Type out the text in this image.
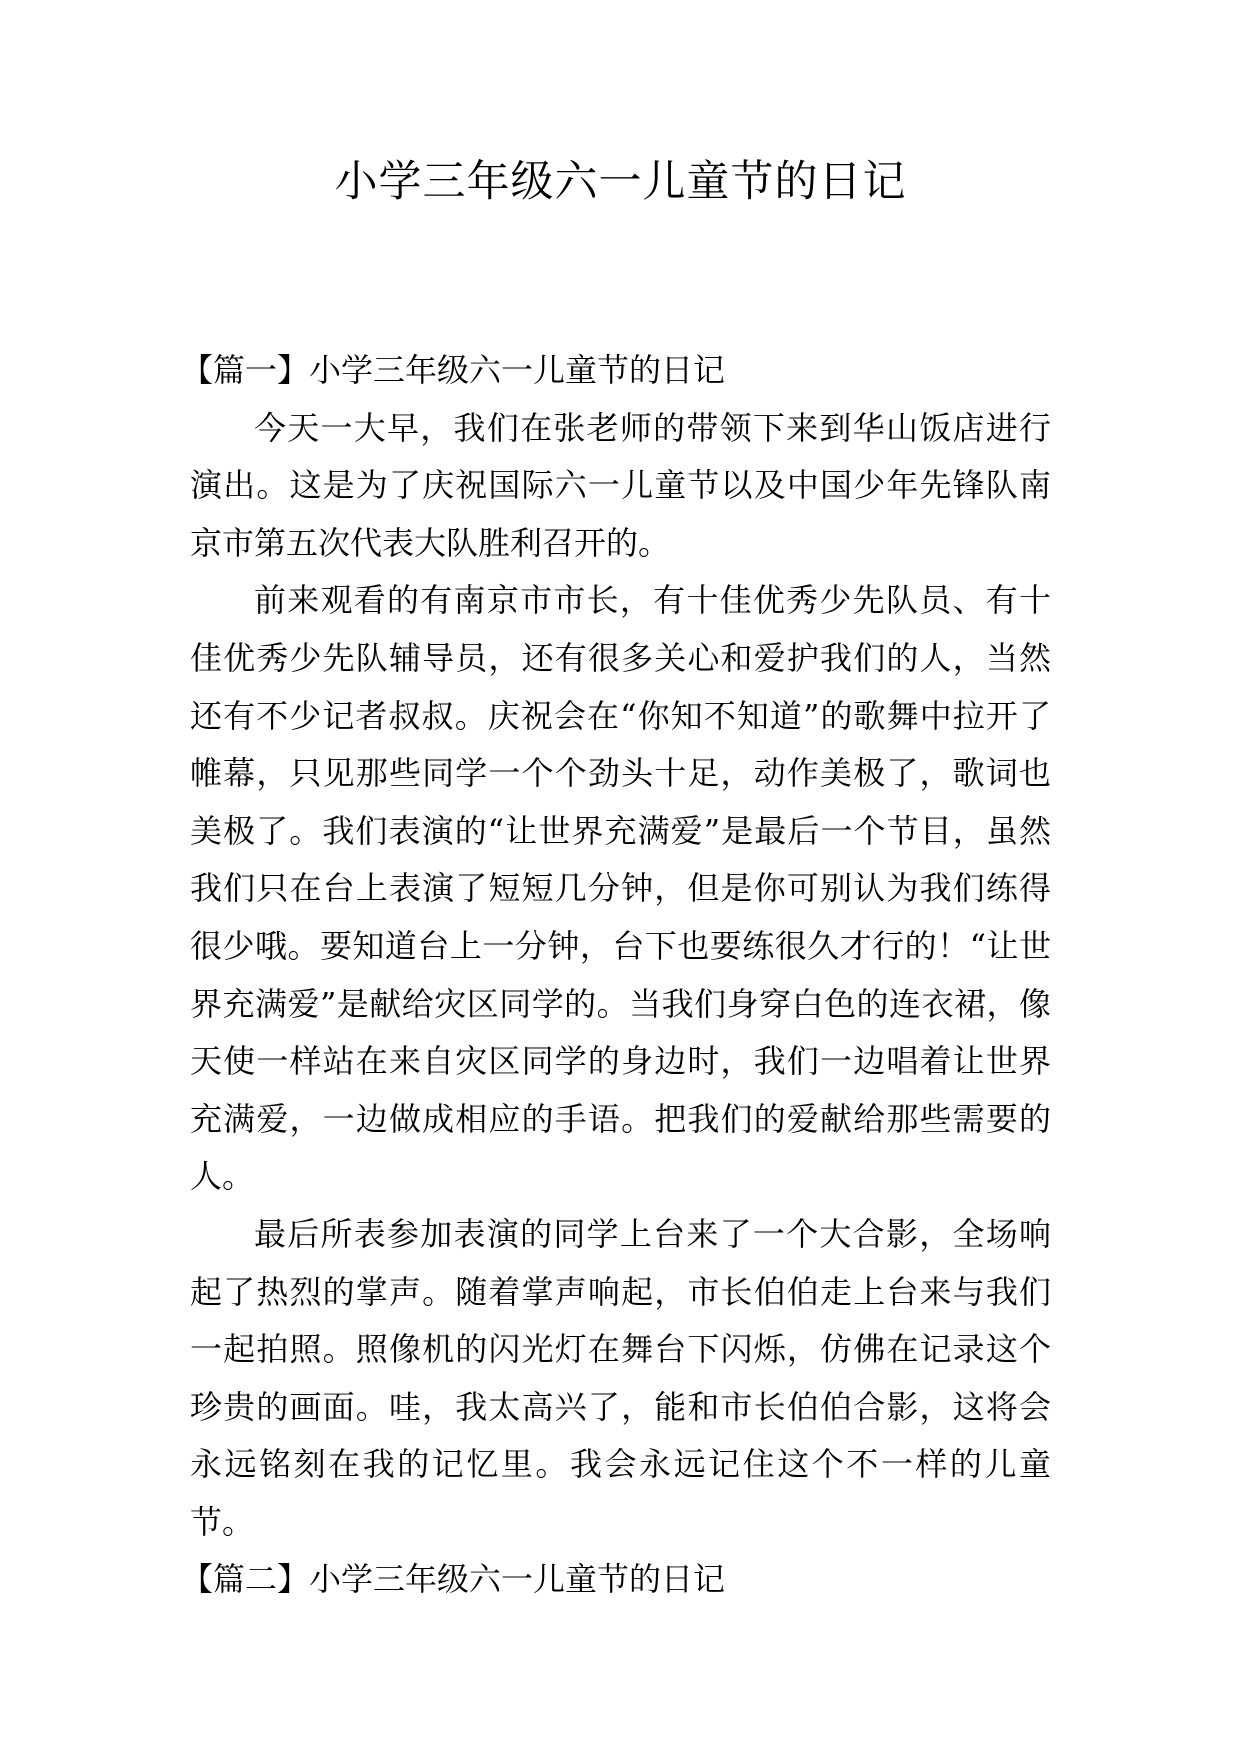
小学三年级六一儿童节的日记
【篇一】小学三年级六一儿童节的日记

今天一大早，我们在张老师的带领下来到华山饭店进行演出。这是为了庆祝国际六一儿童节以及中国少年先锋队南京市第五次代表大队胜利召开的。

前来观看的有南京市市长，有十佳优秀少先队员、有十佳优秀少先队辅导员，还有很多关心和爱护我们的人，当然还有不少记者叔叔。庆祝会在“你知不知道”的歌舞中拉开了帷幕，只见那些同学一个个劲头十足，动作美极了，歌词也美极了。我们表演的“让世界充满爱”是最后一个节目，虽然我们只在台上表演了短短几分钟，但是你可别认为我们练得很少哦。要知道台上一分钟，台下也要练很久才行的！“让世界充满爱”是献给灾区同学的。当我们身穿白色的连衣裙，像天使一样站在来自灾区同学的身边时，我们一边唱着让世界充满爱，一边做成相应的手语。把我们的爱献给那些需要的人。

最后所表参加表演的同学上台来了一个大合影，全场响起了热烈的掌声。随着掌声响起，市长伯伯走上台来与我们一起拍照。照像机的闪光灯在舞台下闪烁，仿佛在记录这个珍贵的画面。哇，我太高兴了，能和市长伯伯合影，这将会永远铭刻在我的记忆里。我会永远记住这个不一样的儿童节。

【篇二】小学三年级六一儿童节的日记
